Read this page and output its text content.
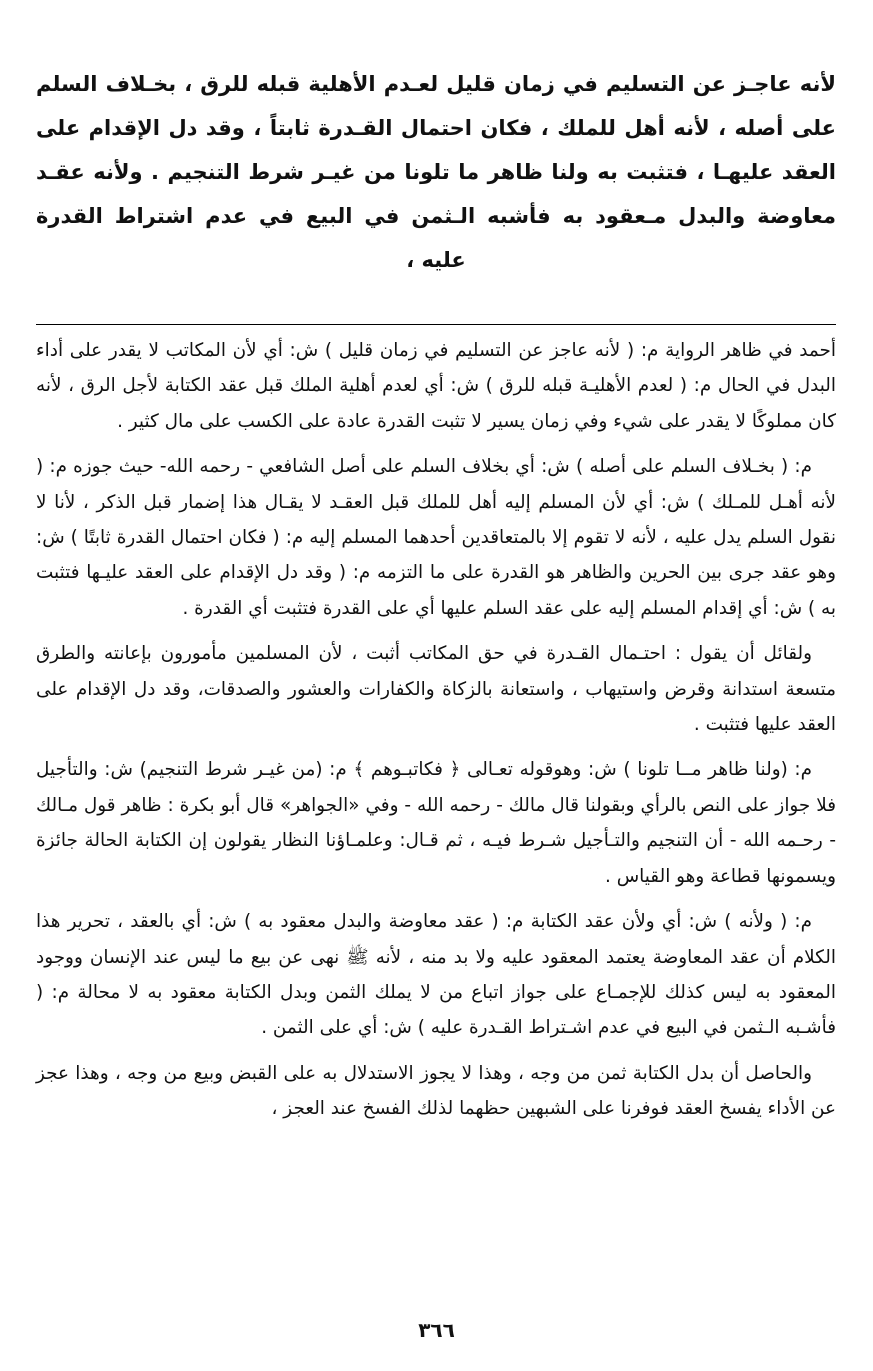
لأنه عاجـز عن التسليم في زمان قليل لعـدم الأهلية قبله للرق ، بخـلاف السلم على أصله ، لأنه أهل للملك ، فكان احتمال القـدرة ثابتاً ، وقد دل الإقدام على العقد عليهـا ، فتثبت به ولنا ظاهر ما تلونا من غيـر شرط التنجيم . ولأنه عقـد معاوضة والبدل مـعقود به فأشبه الـثمن في البيع في عدم اشتراط القدرة عليه ،

أحمد في ظاهر الرواية م: ( لأنه عاجز عن التسليم في زمان قليل ) ش: أي لأن المكاتب لا يقدر على أداء البدل في الحال م: ( لعدم الأهليـة قبله للرق ) ش: أي لعدم أهلية الملك قبل عقد الكتابة لأجل الرق ، لأنه كان مملوكًا لا يقدر على شيء وفي زمان يسير لا تثبت القدرة عادة على الكسب على مال كثير .

م: ( بخـلاف السلم على أصله ) ش: أي بخلاف السلم على أصل الشافعي - رحمه الله- حيث جوزه م: ( لأنه أهـل للمـلك ) ش: أي لأن المسلم إليه أهل للملك قبل العقـد لا يقـال هذا إضمار قبل الذكر ، لأنا لا نقول السلم يدل عليه ، لأنه لا تقوم إلا بالمتعاقدين أحدهما المسلم إليه م: ( فكان احتمال القدرة ثابتًا ) ش: وهو عقد جرى بين الحرين والظاهر هو القدرة على ما التزمه م: ( وقد دل الإقدام على العقد عليـها فتثبت به ) ش: أي إقدام المسلم إليه على عقد السلم عليها أي على القدرة فتثبت أي القدرة .

ولقائل أن يقول : احتـمال القـدرة في حق المكاتب أثبت ، لأن المسلمين مأمورون بإعانته والطرق متسعة استدانة وقرض واستيهاب ، واستعانة بالزكاة والكفارات والعشور والصدقات، وقد دل الإقدام على العقد عليها فتثبت .

م: (ولنا ظاهر مــا تلونا ) ش: وهوقوله تعـالى ﴿ فكاتبـوهم ﴾ م: (من غيـر شرط التنجيم) ش: والتأجيل فلا جواز على النص بالرأي وبقولنا قال مالك - رحمه الله - وفي «الجواهر» قال أبو بكرة : ظاهر قول مـالك - رحـمه الله - أن التنجيم والتـأجيل شـرط فيـه ، ثم قـال: وعلمـاؤنا النظار يقولون إن الكتابة الحالة جائزة ويسمونها قطاعة وهو القياس .

م: ( ولأنه ) ش: أي ولأن عقد الكتابة م: ( عقد معاوضة والبدل معقود به ) ش: أي بالعقد ، تحرير هذا الكلام أن عقد المعاوضة يعتمد المعقود عليه ولا بد منه ، لأنه ﷺ نهى عن بيع ما ليس عند الإنسان ووجود المعقود به ليس كذلك للإجمـاع على جواز اتباع من لا يملك الثمن وبدل الكتابة معقود به لا محالة م: ( فأشـبه الـثمن في البيع في عدم اشـتراط القـدرة عليه ) ش: أي على الثمن .

والحاصل أن بدل الكتابة ثمن من وجه ، وهذا لا يجوز الاستدلال به على القبض وبيع من وجه ، وهذا عجز عن الأداء يفسخ العقد فوفرنا على الشبهين حظهما لذلك الفسخ عند العجز ،

٣٦٦
